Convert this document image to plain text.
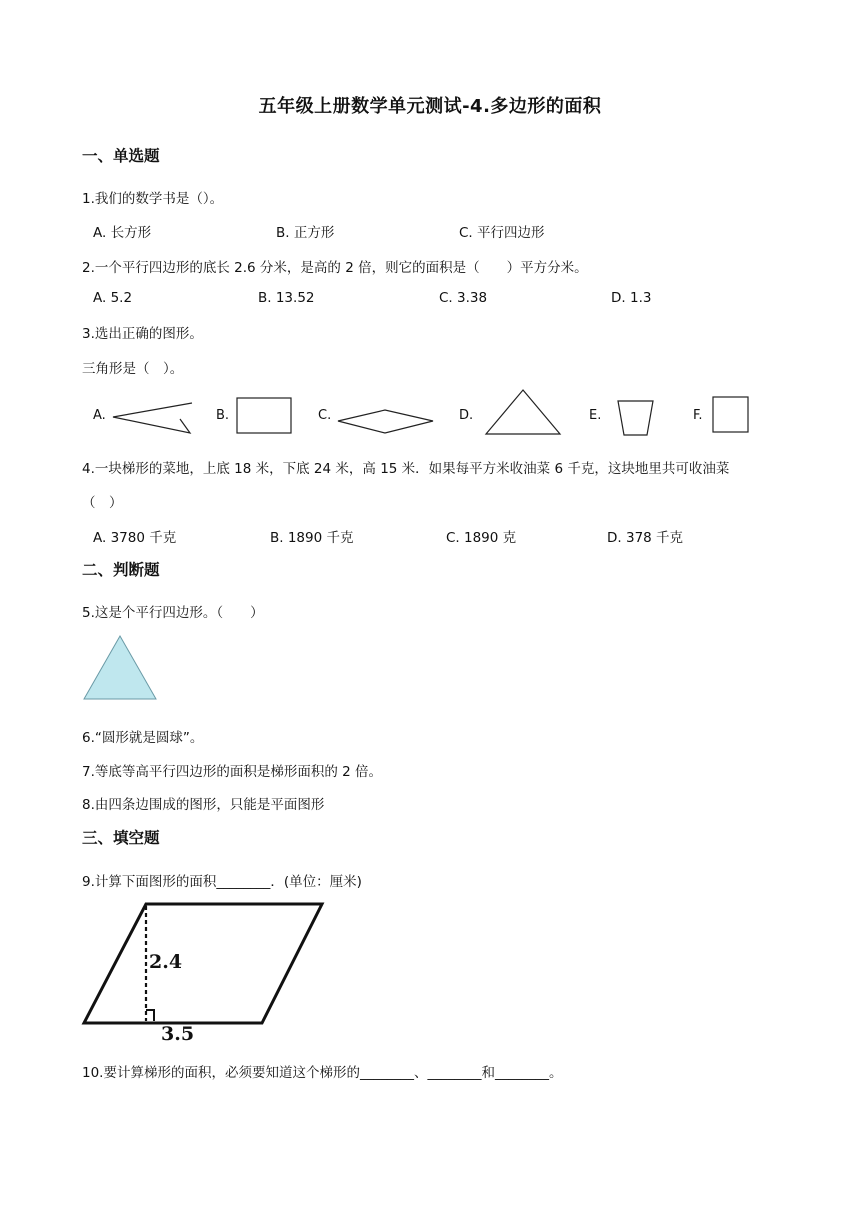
五年级上册数学单元测试-4.多边形的面积
一、单选题
1.我们的数学书是（）。
A. 长方形	B. 正方形	C. 平行四边形
2.一个平行四边形的底长 2.6 分米，是高的 2 倍，则它的面积是（　　）平方分米。
A. 5.2	B. 13.52	C. 3.38	D. 1.3
3.选出正确的图形。
三角形是（　）。
A.	B.	C.	D.	E.	F.
4.一块梯形的菜地，上底 18 米，下底 24 米，高 15 米．如果每平方米收油菜 6 千克，这块地里共可收油菜
（　）
A. 3780 千克	B. 1890 千克	C. 1890 克	D. 378 千克
二、判断题
5.这是个平行四边形。（　　）
6.“圆形就是圆球”。
7.等底等高平行四边形的面积是梯形面积的 2 倍。
8.由四条边围成的图形，只能是平面图形
三、填空题
9.计算下面图形的面积________．(单位：厘米)
2.4
3.5
10.要计算梯形的面积，必须要知道这个梯形的________、________和________。
